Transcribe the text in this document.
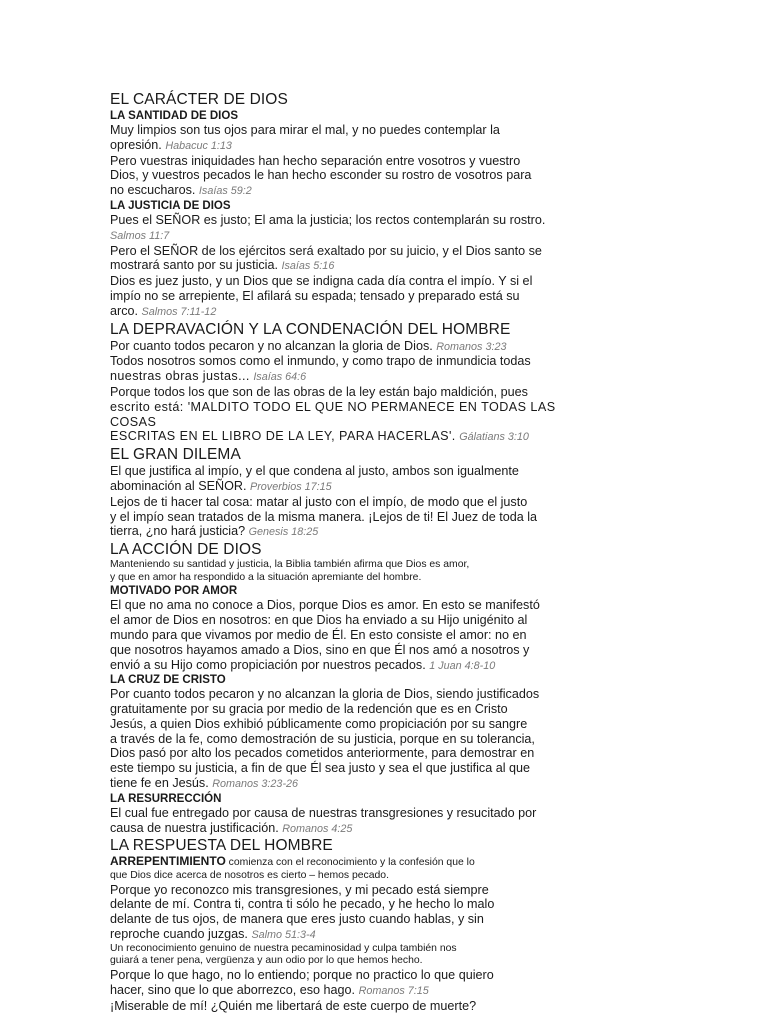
EL CARÁCTER DE DIOS
LA SANTIDAD DE DIOS

Muy limpios son tus ojos para mirar el mal, y no puedes contemplar la
opresión. Habacuc 1:13

Pero vuestras iniquidades han hecho separación entre vosotros y vuestro
Dios, y vuestros pecados le han hecho esconder su rostro de vosotros para
no escucharos. Isaías 59:2

LA JUSTICIA DE DIOS

Pues el SEÑOR es justo; El ama la justicia; los rectos contemplarán su rostro.
Salmos 11:7

Pero el SEÑOR de los ejércitos será exaltado por su juicio, y el Dios santo se
mostrará santo por su justicia. Isaías 5:16

Dios es juez justo, y un Dios que se indigna cada día contra el impío. Y si el
impío no se arrepiente, El afilará su espada; tensado y preparado está su
arco. Salmos 7:11-12

LA DEPRAVACIÓN Y LA CONDENACIÓN DEL HOMBRE

Por cuanto todos pecaron y no alcanzan la gloria de Dios. Romanos 3:23

Todos nosotros somos como el inmundo, y como trapo de inmundicia todas
nuestras obras justas... Isaías 64:6

Porque todos los que son de las obras de la ley están bajo maldición, pues
escrito está: 'MALDITO TODO EL QUE NO PERMANECE EN TODAS LAS COSAS
ESCRITAS EN EL LIBRO DE LA LEY, PARA HACERLAS'. Gálatians 3:10

EL GRAN DILEMA

El que justifica al impío, y el que condena al justo, ambos son igualmente
abominación al SEÑOR. Proverbios 17:15

Lejos de ti hacer tal cosa: matar al justo con el impío, de modo que el justo
y el impío sean tratados de la misma manera. ¡Lejos de ti! El Juez de toda la
tierra, ¿no hará justicia? Genesis 18:25

LA ACCIÓN DE DIOS

Manteniendo su santidad y justicia, la Biblia también afirma que Dios es amor,
y que en amor ha respondido a la situación apremiante del hombre.

MOTIVADO POR AMOR

El que no ama no conoce a Dios, porque Dios es amor. En esto se manifestó
el amor de Dios en nosotros: en que Dios ha enviado a su Hijo unigénito al
mundo para que vivamos por medio de Él. En esto consiste el amor: no en
que nosotros hayamos amado a Dios, sino en que Él nos amó a nosotros y
envió a su Hijo como propiciación por nuestros pecados. 1 Juan 4:8-10

LA CRUZ DE CRISTO

Por cuanto todos pecaron y no alcanzan la gloria de Dios, siendo justificados
gratuitamente por su gracia por medio de la redención que es en Cristo
Jesús, a quien Dios exhibió públicamente como propiciación por su sangre
a través de la fe, como demostración de su justicia, porque en su tolerancia,
Dios pasó por alto los pecados cometidos anteriormente, para demostrar en
este tiempo su justicia, a fin de que Él sea justo y sea el que justifica al que
tiene fe en Jesús. Romanos 3:23-26

LA RESURRECCIÓN

El cual fue entregado por causa de nuestras transgresiones y resucitado por
causa de nuestra justificación. Romanos 4:25

LA RESPUESTA DEL HOMBRE

ARREPENTIMIENTO comienza con el reconocimiento y la confesión que lo
que Dios dice acerca de nosotros es cierto – hemos pecado.

Porque yo reconozco mis transgresiones, y mi pecado está siempre
delante de mí. Contra ti, contra ti sólo he pecado, y he hecho lo malo
delante de tus ojos, de manera que eres justo cuando hablas, y sin
reproche cuando juzgas. Salmo 51:3-4

Un reconocimiento genuino de nuestra pecaminosidad y culpa también nos
guiará a tener pena, vergüenza y aun odio por lo que hemos hecho.

Porque lo que hago, no lo entiendo; porque no practico lo que quiero
hacer, sino que lo que aborrezco, eso hago. Romanos 7:15

¡Miserable de mí! ¿Quién me libertará de este cuerpo de muerte?
